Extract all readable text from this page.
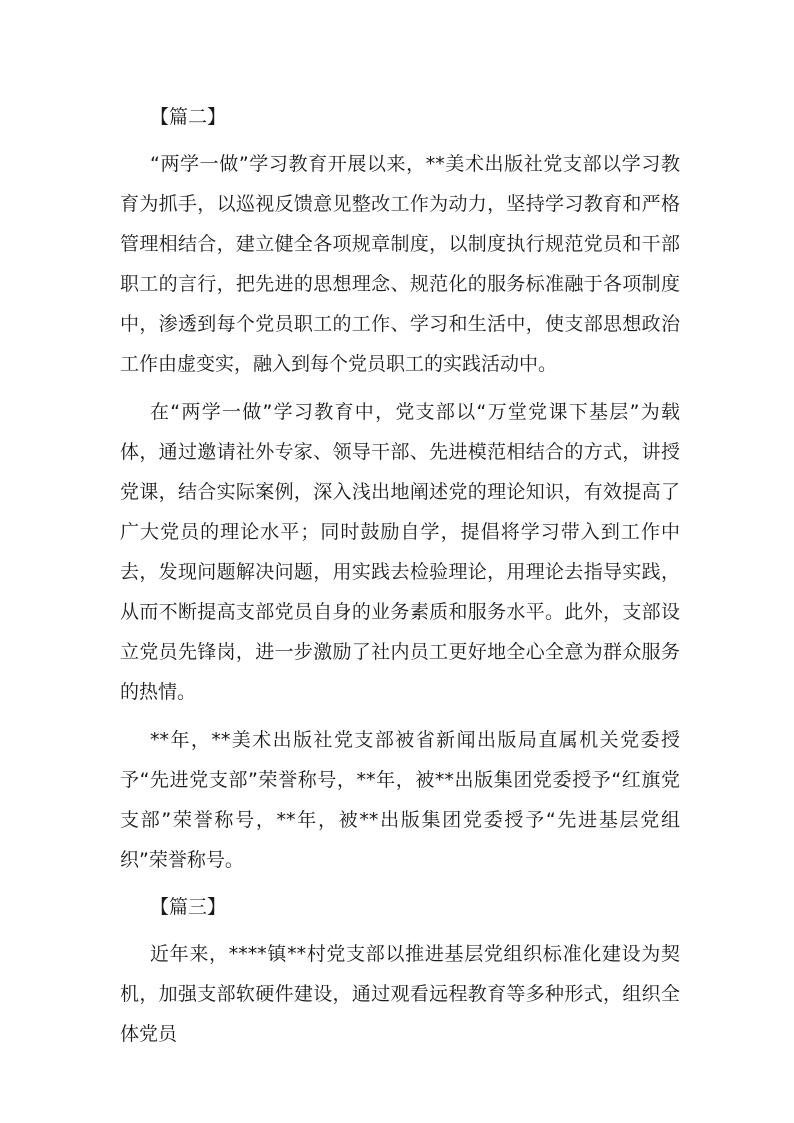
【篇二】
“两学一做”学习教育开展以来，**美术出版社党支部以学习教育为抓手，以巡视反馈意见整改工作为动力，坚持学习教育和严格管理相结合，建立健全各项规章制度，以制度执行规范党员和干部职工的言行，把先进的思想理念、规范化的服务标准融于各项制度中，渗透到每个党员职工的工作、学习和生活中，使支部思想政治工作由虚变实，融入到每个党员职工的实践活动中。
在“两学一做”学习教育中，党支部以“万堂党课下基层”为载体，通过邀请社外专家、领导干部、先进模范相结合的方式，讲授党课，结合实际案例，深入浅出地阐述党的理论知识，有效提高了广大党员的理论水平；同时鼓励自学，提倡将学习带入到工作中去，发现问题解决问题，用实践去检验理论，用理论去指导实践，从而不断提高支部党员自身的业务素质和服务水平。此外，支部设立党员先锋岗，进一步激励了社内员工更好地全心全意为群众服务的热情。
**年，**美术出版社党支部被省新闻出版局直属机关党委授予“先进党支部”荣誉称号，**年，被**出版集团党委授予“红旗党支部”荣誉称号，**年，被**出版集团党委授予“先进基层党组织”荣誉称号。
【篇三】
近年来，****镇**村党支部以推进基层党组织标准化建设为契机，加强支部软硬件建设，通过观看远程教育等多种形式，组织全体党员
